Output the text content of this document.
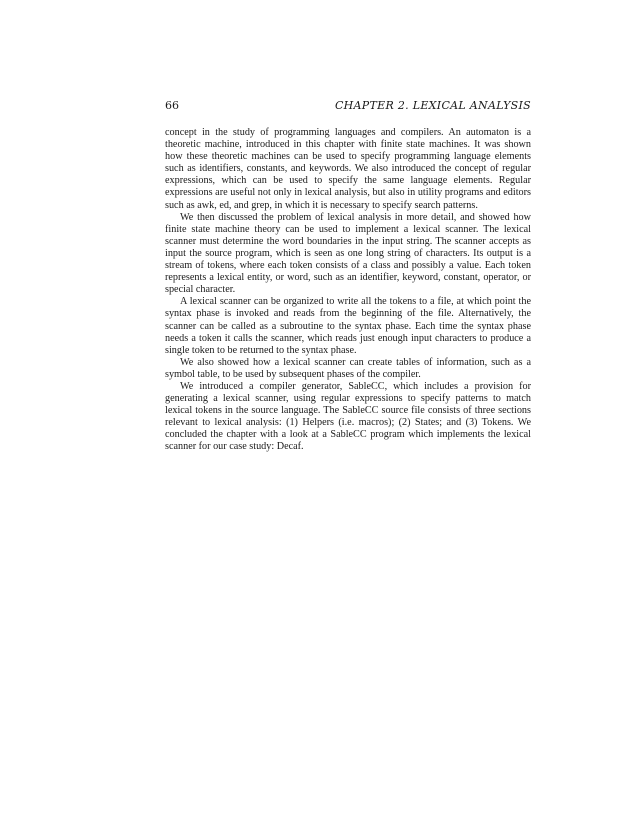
66	CHAPTER 2. LEXICAL ANALYSIS

concept in the study of programming languages and compilers. An automaton is a theoretic machine, introduced in this chapter with finite state machines. It was shown how these theoretic machines can be used to specify programming language elements such as identifiers, constants, and keywords. We also introduced the concept of regular expressions, which can be used to specify the same language elements. Regular expressions are useful not only in lexical analysis, but also in utility programs and editors such as awk, ed, and grep, in which it is necessary to specify search patterns.

We then discussed the problem of lexical analysis in more detail, and showed how finite state machine theory can be used to implement a lexical scanner. The lexical scanner must determine the word boundaries in the input string. The scanner accepts as input the source program, which is seen as one long string of characters. Its output is a stream of tokens, where each token consists of a class and possibly a value. Each token represents a lexical entity, or word, such as an identifier, keyword, constant, operator, or special character.

A lexical scanner can be organized to write all the tokens to a file, at which point the syntax phase is invoked and reads from the beginning of the file. Alternatively, the scanner can be called as a subroutine to the syntax phase. Each time the syntax phase needs a token it calls the scanner, which reads just enough input characters to produce a single token to be returned to the syntax phase.

We also showed how a lexical scanner can create tables of information, such as a symbol table, to be used by subsequent phases of the compiler.

We introduced a compiler generator, SableCC, which includes a provision for generating a lexical scanner, using regular expressions to specify patterns to match lexical tokens in the source language. The SableCC source file consists of three sections relevant to lexical analysis: (1) Helpers (i.e. macros); (2) States; and (3) Tokens. We concluded the chapter with a look at a SableCC program which implements the lexical scanner for our case study: Decaf.
